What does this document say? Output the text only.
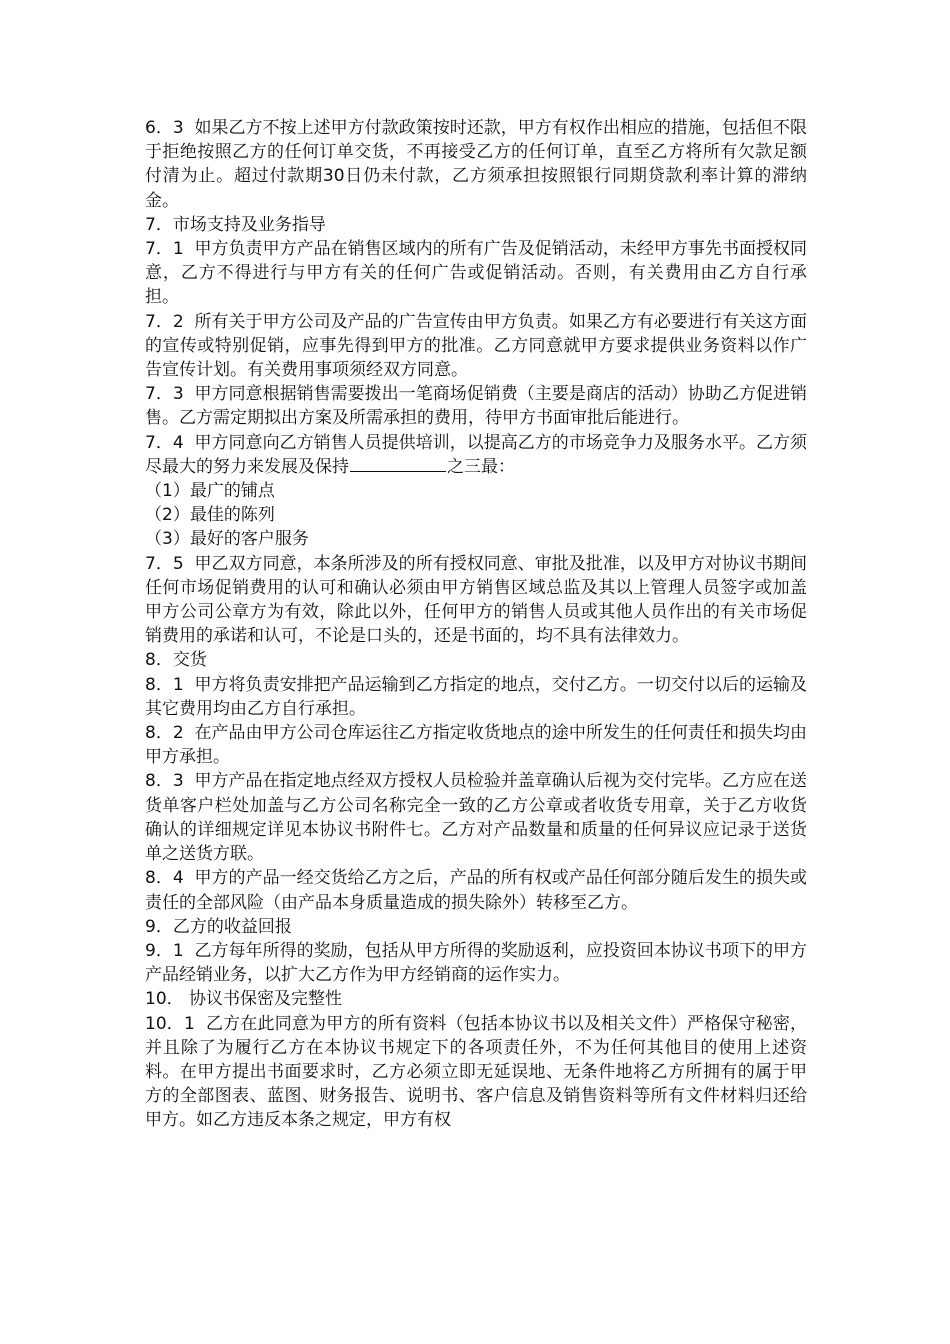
6．3 如果乙方不按上述甲方付款政策按时还款，甲方有权作出相应的措施，包括但不限于拒绝按照乙方的任何订单交货，不再接受乙方的任何订单，直至乙方将所有欠款足额付清为止。超过付款期30日仍未付款，乙方须承担按照银行同期贷款利率计算的滞纳金。

7．市场支持及业务指导

7．1 甲方负责甲方产品在销售区域内的所有广告及促销活动，未经甲方事先书面授权同意，乙方不得进行与甲方有关的任何广告或促销活动。否则，有关费用由乙方自行承担。

7．2 所有关于甲方公司及产品的广告宣传由甲方负责。如果乙方有必要进行有关这方面的宣传或特别促销，应事先得到甲方的批准。乙方同意就甲方要求提供业务资料以作广告宣传计划。有关费用事项须经双方同意。

7．3 甲方同意根据销售需要拨出一笔商场促销费（主要是商店的活动）协助乙方促进销售。乙方需定期拟出方案及所需承担的费用，待甲方书面审批后能进行。

7．4 甲方同意向乙方销售人员提供培训，以提高乙方的市场竞争力及服务水平。乙方须尽最大的努力来发展及保持	之三最：

（1）最广的铺点

（2）最佳的陈列

（3）最好的客户服务

7．5 甲乙双方同意，本条所涉及的所有授权同意、审批及批准，以及甲方对协议书期间任何市场促销费用的认可和确认必须由甲方销售区域总监及其以上管理人员签字或加盖甲方公司公章方为有效，除此以外，任何甲方的销售人员或其他人员作出的有关市场促销费用的承诺和认可，不论是口头的，还是书面的，均不具有法律效力。

8．交货

8．1 甲方将负责安排把产品运输到乙方指定的地点，交付乙方。一切交付以后的运输及其它费用均由乙方自行承担。

8．2 在产品由甲方公司仓库运往乙方指定收货地点的途中所发生的任何责任和损失均由甲方承担。

8．3 甲方产品在指定地点经双方授权人员检验并盖章确认后视为交付完毕。乙方应在送货单客户栏处加盖与乙方公司名称完全一致的乙方公章或者收货专用章，关于乙方收货确认的详细规定详见本协议书附件七。乙方对产品数量和质量的任何异议应记录于送货单之送货方联。

8．4 甲方的产品一经交货给乙方之后，产品的所有权或产品任何部分随后发生的损失或责任的全部风险（由产品本身质量造成的损失除外）转移至乙方。

9．乙方的收益回报

9．1 乙方每年所得的奖励，包括从甲方所得的奖励返利，应投资回本协议书项下的甲方产品经销业务，以扩大乙方作为甲方经销商的运作实力。

10． 协议书保密及完整性

10．1 乙方在此同意为甲方的所有资料（包括本协议书以及相关文件）严格保守秘密，并且除了为履行乙方在本协议书规定下的各项责任外，不为任何其他目的使用上述资料。在甲方提出书面要求时，乙方必须立即无延误地、无条件地将乙方所拥有的属于甲方的全部图表、蓝图、财务报告、说明书、客户信息及销售资料等所有文件材料归还给甲方。如乙方违反本条之规定，甲方有权
